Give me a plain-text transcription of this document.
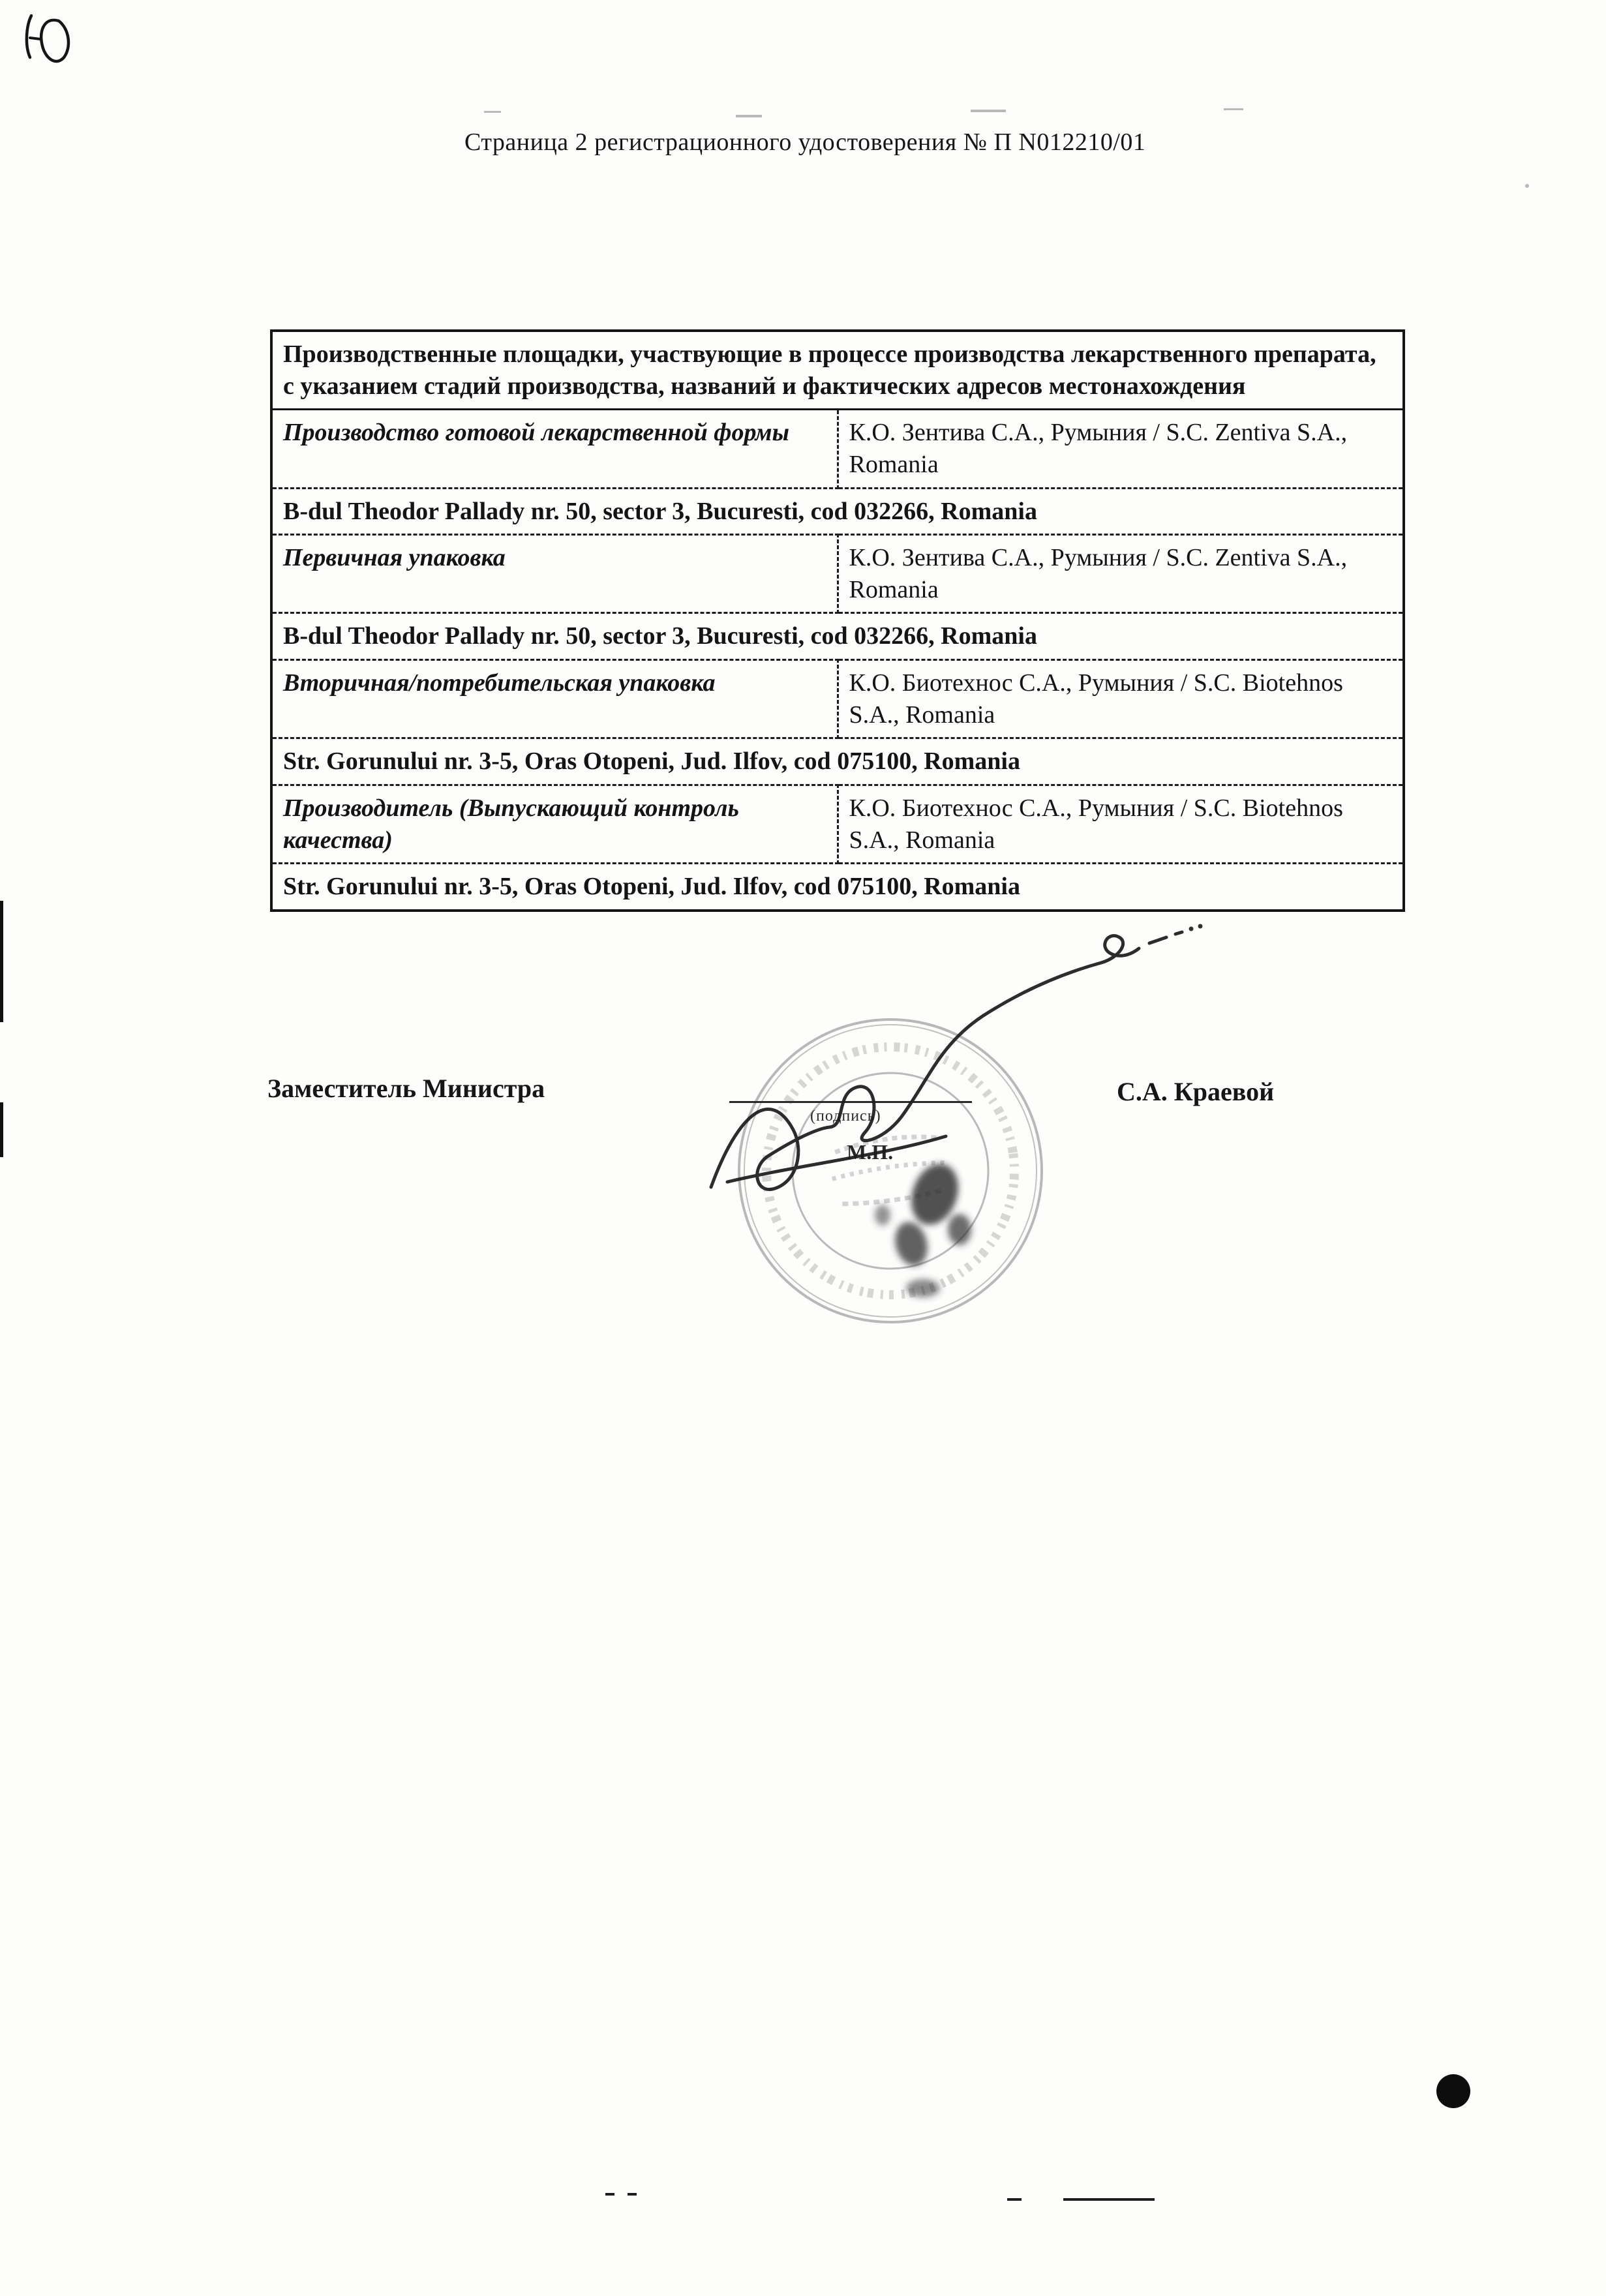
Страница 2 регистрационного удостоверения № П N012210/01
Производственные площадки, участвующие в процессе производства лекарственного препарата, с указанием стадий производства, названий и фактических адресов местонахождения	
Производство готовой лекарственной формы	К.О. Зентива С.А., Румыния / S.C. Zentiva S.A., Romania
B-dul Theodor Pallady nr. 50, sector 3, Bucuresti, cod 032266, Romania	
Первичная упаковка	К.О. Зентива С.А., Румыния / S.C. Zentiva S.A., Romania
B-dul Theodor Pallady nr. 50, sector 3, Bucuresti, cod 032266, Romania	
Вторичная/потребительская упаковка	К.О. Биотехнос С.А., Румыния / S.C. Biotehnos S.A., Romania
Str. Gorunului nr. 3-5, Oras Otopeni, Jud. Ilfov, cod 075100, Romania	
Производитель (Выпускающий контроль качества)	К.О. Биотехнос С.А., Румыния / S.C. Biotehnos S.A., Romania
Str. Gorunului nr. 3-5, Oras Otopeni, Jud. Ilfov, cod 075100, Romania	
Заместитель Министра	С.А. Краевой
(подпись)
М.П.
